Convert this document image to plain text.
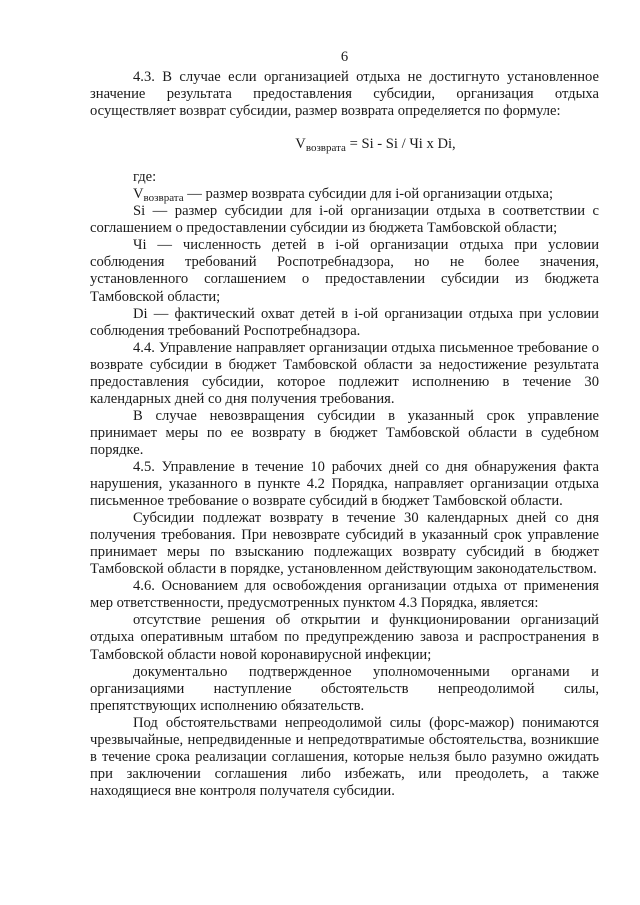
6

4.3. В случае если организацией отдыха не достигнуто установленное значение результата предоставления субсидии, организация отдыха осуществляет возврат субсидии, размер возврата определяется по формуле:

$V_{возврата} = Si - Si$ / Чi x Di,

где:

$V_{возврата}$ — размер возврата субсидии для i-ой организации отдыха;

Si — размер субсидии для i-ой организации отдыха в соответствии с соглашением о предоставлении субсидии из бюджета Тамбовской области;

Чi — численность детей в i-ой организации отдыха при условии соблюдения требований Роспотребнадзора, но не более значения, установленного соглашением о предоставлении субсидии из бюджета Тамбовской области;

Di — фактический охват детей в i-ой организации отдыха при условии соблюдения требований Роспотребнадзора.

4.4. Управление направляет организации отдыха письменное требование о возврате субсидии в бюджет Тамбовской области за недостижение результата предоставления субсидии, которое подлежит исполнению в течение 30 календарных дней со дня получения требования.

В случае невозвращения субсидии в указанный срок управление принимает меры по ее возврату в бюджет Тамбовской области в судебном порядке.

4.5. Управление в течение 10 рабочих дней со дня обнаружения факта нарушения, указанного в пункте 4.2 Порядка, направляет организации отдыха письменное требование о возврате субсидий в бюджет Тамбовской области.

Субсидии подлежат возврату в течение 30 календарных дней со дня получения требования. При невозврате субсидий в указанный срок управление принимает меры по взысканию подлежащих возврату субсидий в бюджет Тамбовской области в порядке, установленном действующим законодательством.

4.6. Основанием для освобождения организации отдыха от применения мер ответственности, предусмотренных пунктом 4.3 Порядка, является:

отсутствие решения об открытии и функционировании организаций отдыха оперативным штабом по предупреждению завоза и распространения в Тамбовской области новой коронавирусной инфекции;

документально подтвержденное уполномоченными органами и организациями наступление обстоятельств непреодолимой силы, препятствующих исполнению обязательств.

Под обстоятельствами непреодолимой силы (форс-мажор) понимаются чрезвычайные, непредвиденные и непредотвратимые обстоятельства, возникшие в течение срока реализации соглашения, которые нельзя было разумно ожидать при заключении соглашения либо избежать, или преодолеть, а также находящиеся вне контроля получателя субсидии.
